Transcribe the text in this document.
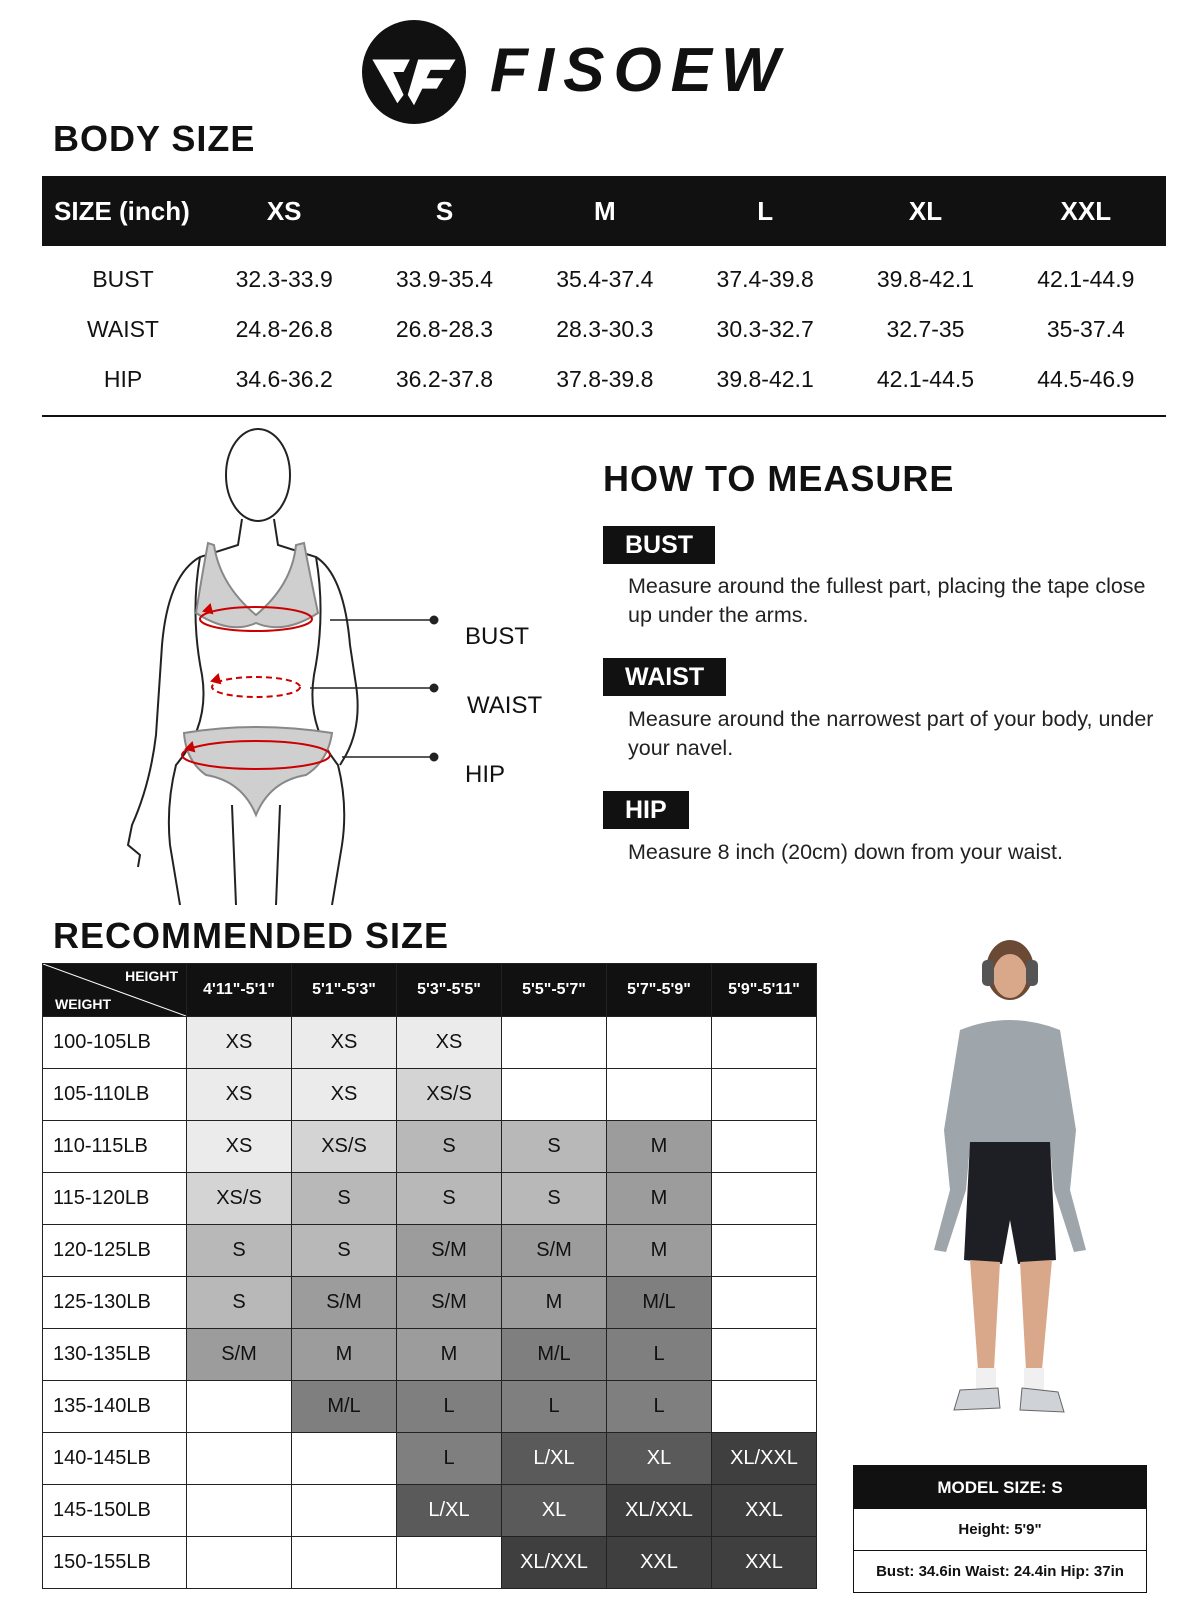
FISOEW
BODY SIZE
SIZE (inch)	XS	S	M	L	XL	XXL

BUST	32.3-33.9	33.9-35.4	35.4-37.4	37.4-39.8	39.8-42.1	42.1-44.9
WAIST	24.8-26.8	26.8-28.3	28.3-30.3	30.3-32.7	32.7-35	35-37.4
HIP	34.6-36.2	36.2-37.8	37.8-39.8	39.8-42.1	42.1-44.5	44.5-46.9
BUST
WAIST
HIP
HOW TO MEASURE
BUST
Measure around the fullest part, placing the tape close up under the arms.
WAIST
Measure around the narrowest part of your body, under your navel.
HIP
Measure 8 inch (20cm) down from your waist.
RECOMMENDED SIZE
HEIGHT
WEIGHT	4'11"-5'1"	5'1"-5'3"	5'3"-5'5"	5'5"-5'7"	5'7"-5'9"	5'9"-5'11"
100-105LB	XS	XS	XS			
105-110LB	XS	XS	XS/S			
110-115LB	XS	XS/S	S	S	M	
115-120LB	XS/S	S	S	S	M	
120-125LB	S	S	S/M	S/M	M	
125-130LB	S	S/M	S/M	M	M/L	
130-135LB	S/M	M	M	M/L	L	
135-140LB		M/L	L	L	L	
140-145LB			L	L/XL	XL	XL/XXL
145-150LB			L/XL	XL	XL/XXL	XXL
150-155LB				XL/XXL	XXL	XXL
MODEL SIZE: S
Height: 5'9"
Bust: 34.6in Waist: 24.4in Hip: 37in
